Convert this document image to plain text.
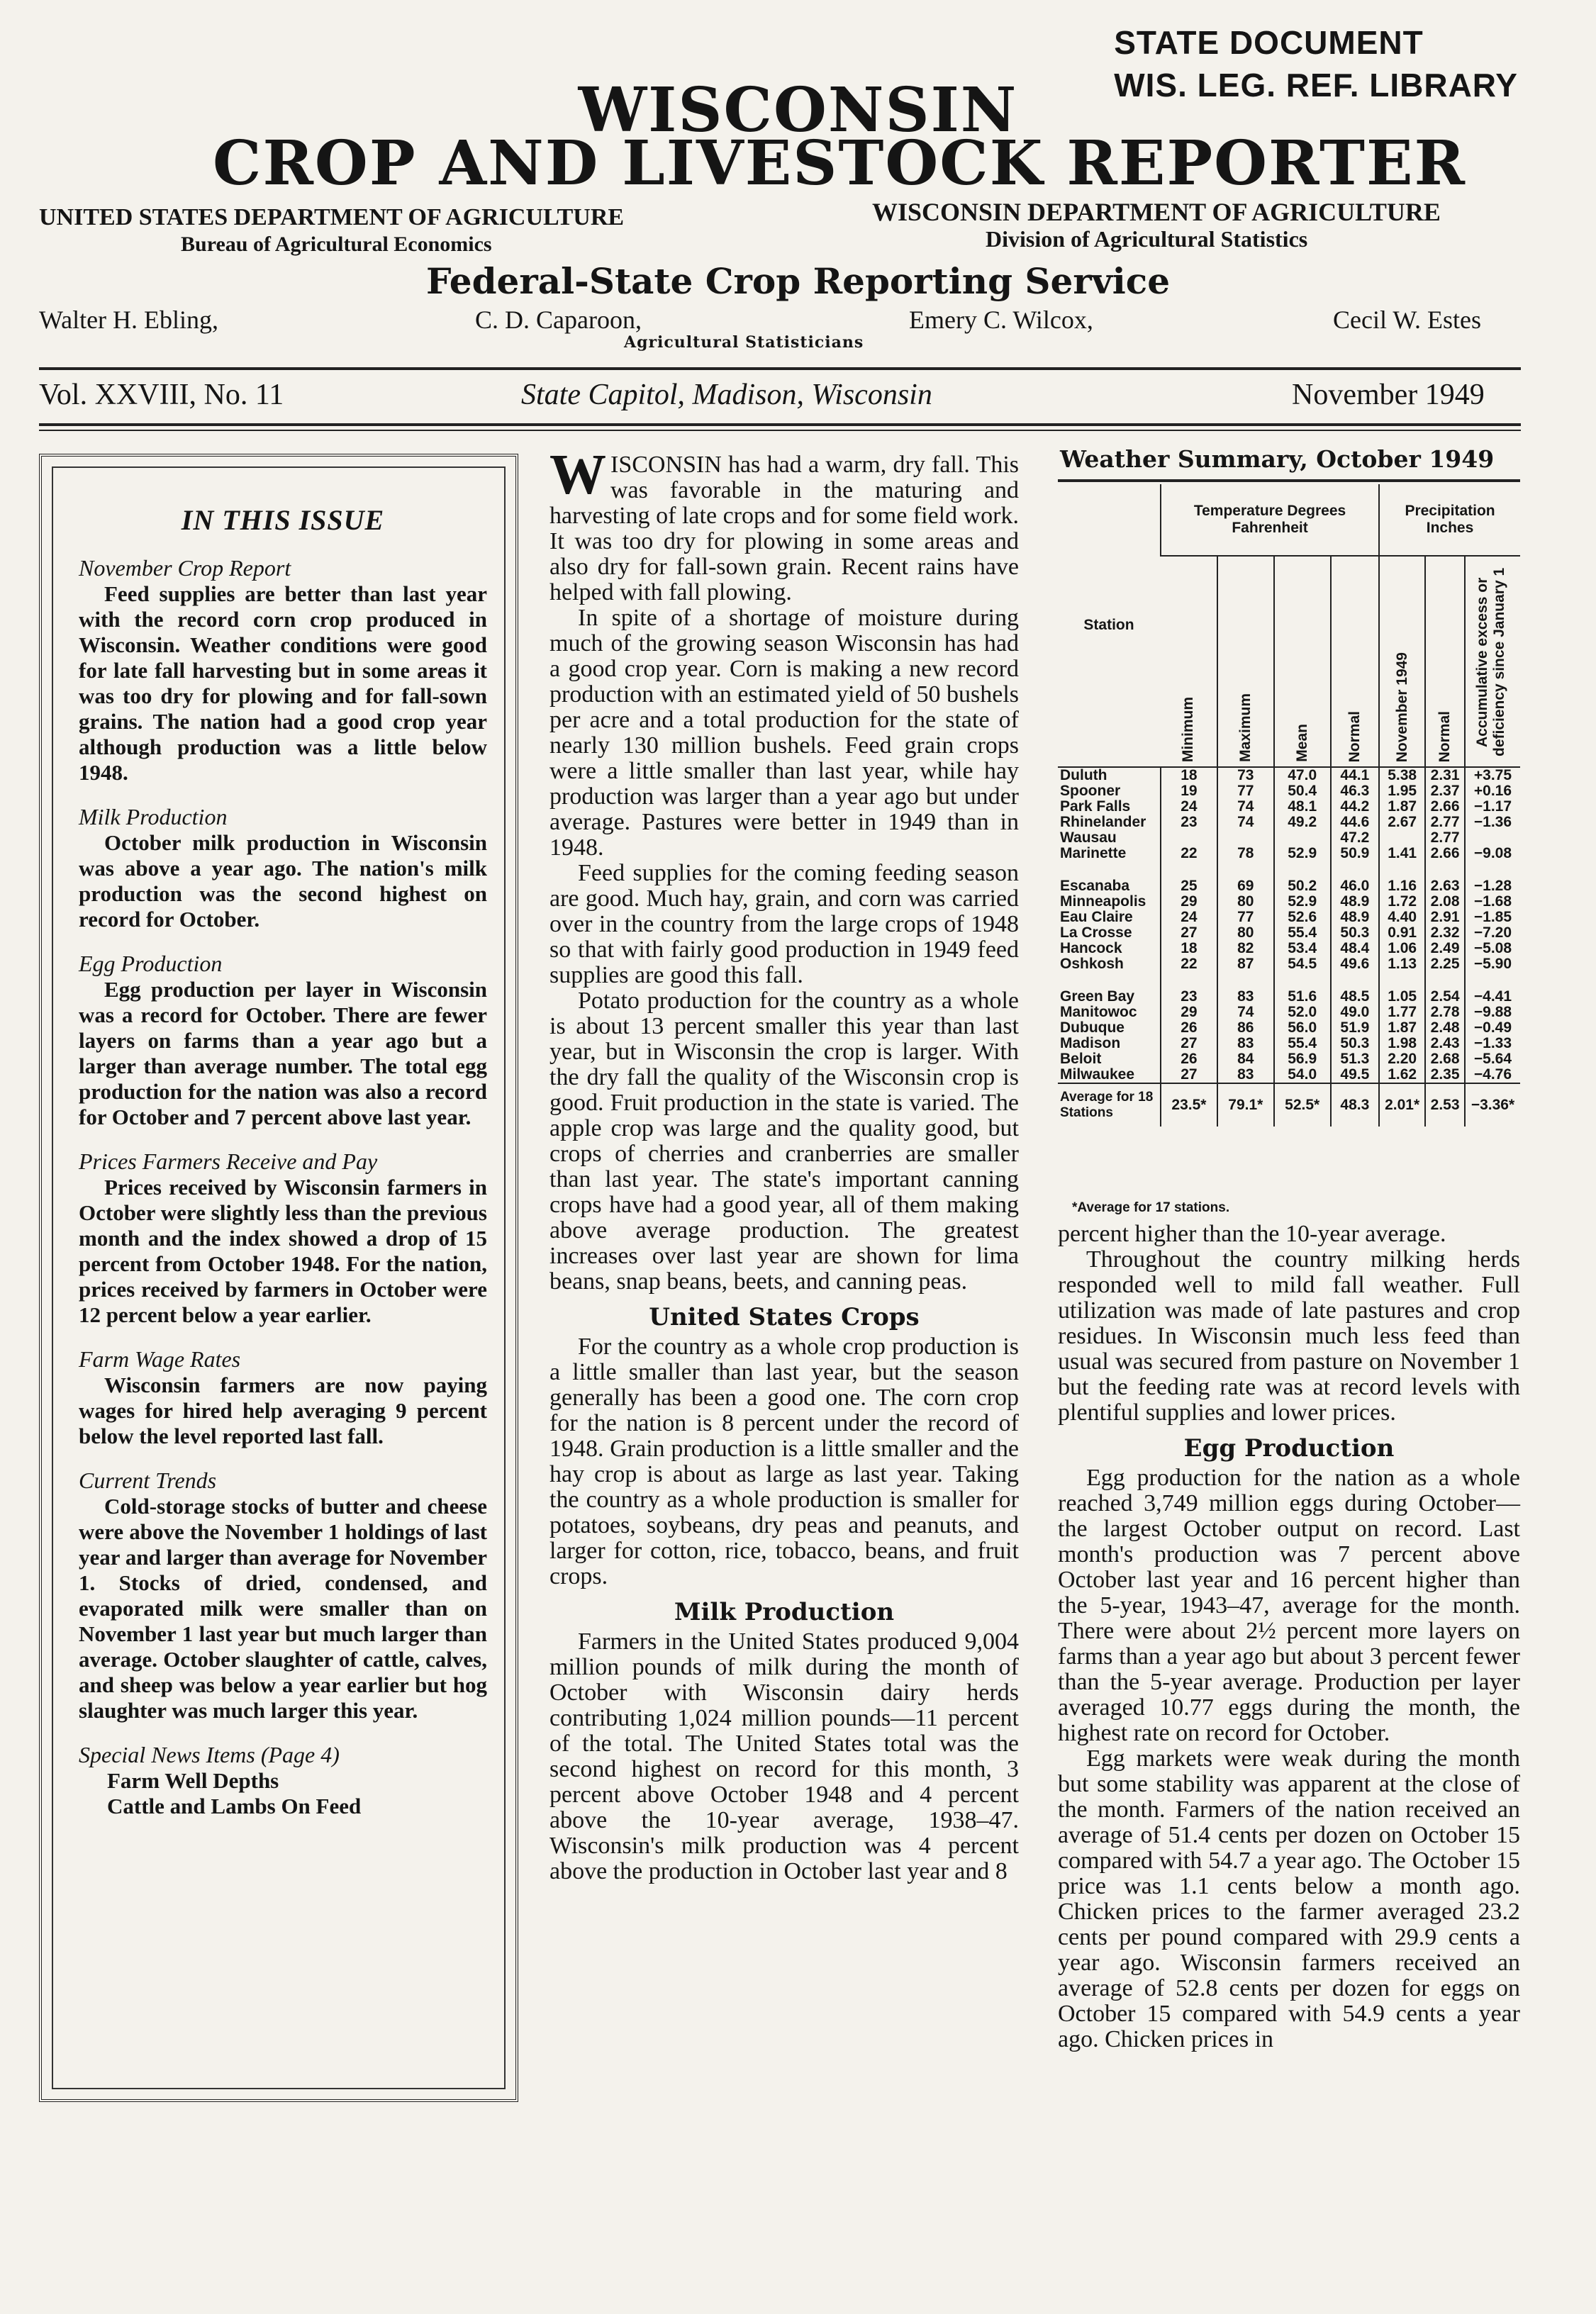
STATE DOCUMENT
WIS. LEG. REF. LIBRARY
WISCONSIN
CROP AND LIVESTOCK REPORTER
UNITED STATES DEPARTMENT OF AGRICULTURE
Bureau of Agricultural Economics
WISCONSIN DEPARTMENT OF AGRICULTURE
Division of Agricultural Statistics
Federal-State Crop Reporting Service
Walter H. Ebling,	C. D. Caparoon,	Emery C. Wilcox,	Cecil W. Estes
Agricultural Statisticians
Vol. XXVIII, No. 11	State Capitol, Madison, Wisconsin	November 1949
IN THIS ISSUE
November Crop Report
Feed supplies are better than last year with the record corn crop produced in Wisconsin. Weather conditions were good for late fall harvesting but in some areas it was too dry for plowing and for fall-sown grains. The nation had a good crop year although production was a little below 1948.
Milk Production
October milk production in Wisconsin was above a year ago. The nation's milk production was the second highest on record for October.
Egg Production
Egg production per layer in Wisconsin was a record for October. There are fewer layers on farms than a year ago but a larger than average number. The total egg production for the nation was also a record for October and 7 percent above last year.
Prices Farmers Receive and Pay
Prices received by Wisconsin farmers in October were slightly less than the previous month and the index showed a drop of 15 percent from October 1948. For the nation, prices received by farmers in October were 12 percent below a year earlier.
Farm Wage Rates
Wisconsin farmers are now paying wages for hired help averaging 9 percent below the level reported last fall.
Current Trends
Cold-storage stocks of butter and cheese were above the November 1 holdings of last year and larger than average for November 1. Stocks of dried, condensed, and evaporated milk were smaller than on November 1 last year but much larger than average. October slaughter of cattle, calves, and sheep was below a year earlier but hog slaughter was much larger this year.
Special News Items (Page 4)
Farm Well Depths
Cattle and Lambs On Feed

WISCONSIN has had a warm, dry fall. This was favorable in the maturing and harvesting of late crops and for some field work. It was too dry for plowing in some areas and also dry for fall-sown grain. Recent rains have helped with fall plowing.

In spite of a shortage of moisture during much of the growing season Wisconsin has had a good crop year. Corn is making a new record production with an estimated yield of 50 bushels per acre and a total production for the state of nearly 130 million bushels. Feed grain crops were a little smaller than last year, while hay production was larger than a year ago but under average. Pastures were better in 1949 than in 1948.

Feed supplies for the coming feeding season are good. Much hay, grain, and corn was carried over in the country from the large crops of 1948 so that with fairly good production in 1949 feed supplies are good this fall.

Potato production for the country as a whole is about 13 percent smaller this year than last year, but in Wisconsin the crop is larger. With the dry fall the quality of the Wisconsin crop is good. Fruit production in the state is varied. The apple crop was large and the quality good, but crops of cherries and cranberries are smaller than last year. The state's important canning crops have had a good year, all of them making above average production. The greatest increases over last year are shown for lima beans, snap beans, beets, and canning peas.

United States Crops

For the country as a whole crop production is a little smaller than last year, but the season generally has been a good one. The corn crop for the nation is 8 percent under the record of 1948. Grain production is a little smaller and the hay crop is about as large as last year. Taking the country as a whole production is smaller for potatoes, soybeans, dry peas and peanuts, and larger for cotton, rice, tobacco, beans, and fruit crops.

Milk Production

Farmers in the United States produced 9,004 million pounds of milk during the month of October with Wisconsin dairy herds contributing 1,024 million pounds—11 percent of the total. The United States total was the second highest on record for this month, 3 percent above October 1948 and 4 percent above the 10-year average, 1938–47. Wisconsin's milk production was 4 percent above the production in October last year and 8

Weather Summary, October 1949
Station	Temperature Degrees Fahrenheit				Precipitation Inches		
	Minimum	Maximum	Mean	Normal	November 1949	Normal	Accumulative excess or deficiency since January 1
Duluth	18	73	47.0	44.1	5.38	2.31	+3.75
Spooner	19	77	50.4	46.3	1.95	2.37	+0.16
Park Falls	24	74	48.1	44.2	1.87	2.66	−1.17
Rhinelander	23	74	49.2	44.6	2.67	2.77	−1.36
Wausau				47.2		2.77	
Marinette	22	78	52.9	50.9	1.41	2.66	−9.08

Escanaba	25	69	50.2	46.0	1.16	2.63	−1.28
Minneapolis	29	80	52.9	48.9	1.72	2.08	−1.68
Eau Claire	24	77	52.6	48.9	4.40	2.91	−1.85
La Crosse	27	80	55.4	50.3	0.91	2.32	−7.20
Hancock	18	82	53.4	48.4	1.06	2.49	−5.08
Oshkosh	22	87	54.5	49.6	1.13	2.25	−5.90

Green Bay	23	83	51.6	48.5	1.05	2.54	−4.41
Manitowoc	29	74	52.0	49.0	1.77	2.78	−9.88
Dubuque	26	86	56.0	51.9	1.87	2.48	−0.49
Madison	27	83	55.4	50.3	1.98	2.43	−1.33
Beloit	26	84	56.9	51.3	2.20	2.68	−5.64
Milwaukee	27	83	54.0	49.5	1.62	2.35	−4.76
Average for 18 Stations	23.5*	79.1*	52.5*	48.3	2.01*	2.53	−3.36*
*Average for 17 stations.

percent higher than the 10-year average.

Throughout the country milking herds responded well to mild fall weather. Full utilization was made of late pastures and crop residues. In Wisconsin much less feed than usual was secured from pasture on November 1 but the feeding rate was at record levels with plentiful supplies and lower prices.

Egg Production

Egg production for the nation as a whole reached 3,749 million eggs during October—the largest October output on record. Last month's production was 7 percent above October last year and 16 percent higher than the 5-year, 1943–47, average for the month. There were about 2½ percent more layers on farms than a year ago but about 3 percent fewer than the 5-year average. Production per layer averaged 10.77 eggs during the month, the highest rate on record for October.

Egg markets were weak during the month but some stability was apparent at the close of the month. Farmers of the nation received an average of 51.4 cents per dozen on October 15 compared with 54.7 a year ago. The October 15 price was 1.1 cents below a month ago. Chicken prices to the farmer averaged 23.2 cents per pound compared with 29.9 cents a year ago. Wisconsin farmers received an average of 52.8 cents per dozen for eggs on October 15 compared with 54.9 cents a year ago. Chicken prices in
